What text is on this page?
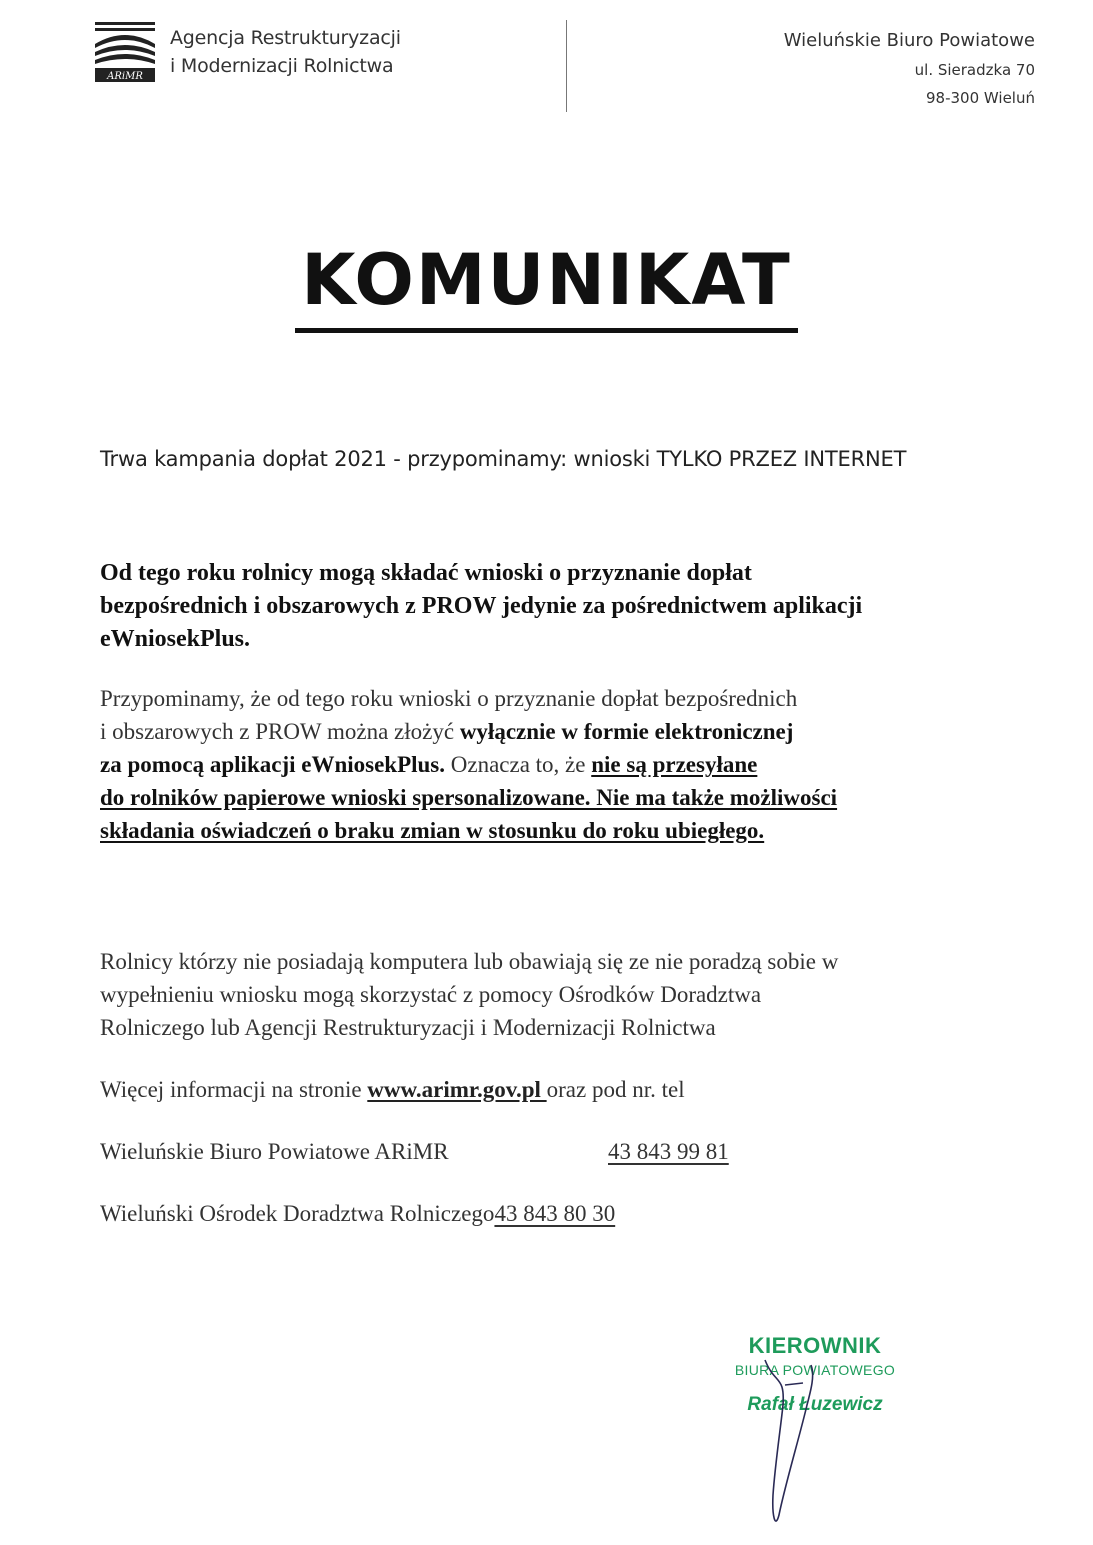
ARiMR
Agencja Restrukturyzacji
i Modernizacji Rolnictwa
Wieluńskie Biuro Powiatowe
ul. Sieradzka 70
98-300 Wieluń
KOMUNIKAT
Trwa kampania dopłat 2021 - przypominamy: wnioski TYLKO PRZEZ INTERNET
Od tego roku rolnicy mogą składać wnioski o przyznanie dopłat
bezpośrednich i obszarowych z PROW jedynie za pośrednictwem aplikacji
eWniosekPlus.
Przypominamy, że od tego roku wnioski o przyznanie dopłat bezpośrednich
i obszarowych z PROW można złożyć wyłącznie w formie elektronicznej
za pomocą aplikacji eWniosekPlus. Oznacza to, że nie są przesyłane
do rolników papierowe wnioski spersonalizowane. Nie ma także możliwości
składania oświadczeń o braku zmian w stosunku do roku ubiegłego.
Rolnicy którzy nie posiadają komputera lub obawiają się ze nie poradzą sobie w
wypełnieniu wniosku mogą skorzystać z pomocy Ośrodków Doradztwa
Rolniczego lub Agencji Restrukturyzacji i Modernizacji Rolnictwa
Więcej informacji na stronie www.arimr.gov.pl oraz pod nr. tel
Wieluńskie Biuro Powiatowe ARiMR	43 843 99 81
Wieluński Ośrodek Doradztwa Rolniczego43 843 80 30
KIEROWNIK
BIURA POWIATOWEGO
Rafał Łuzewicz
